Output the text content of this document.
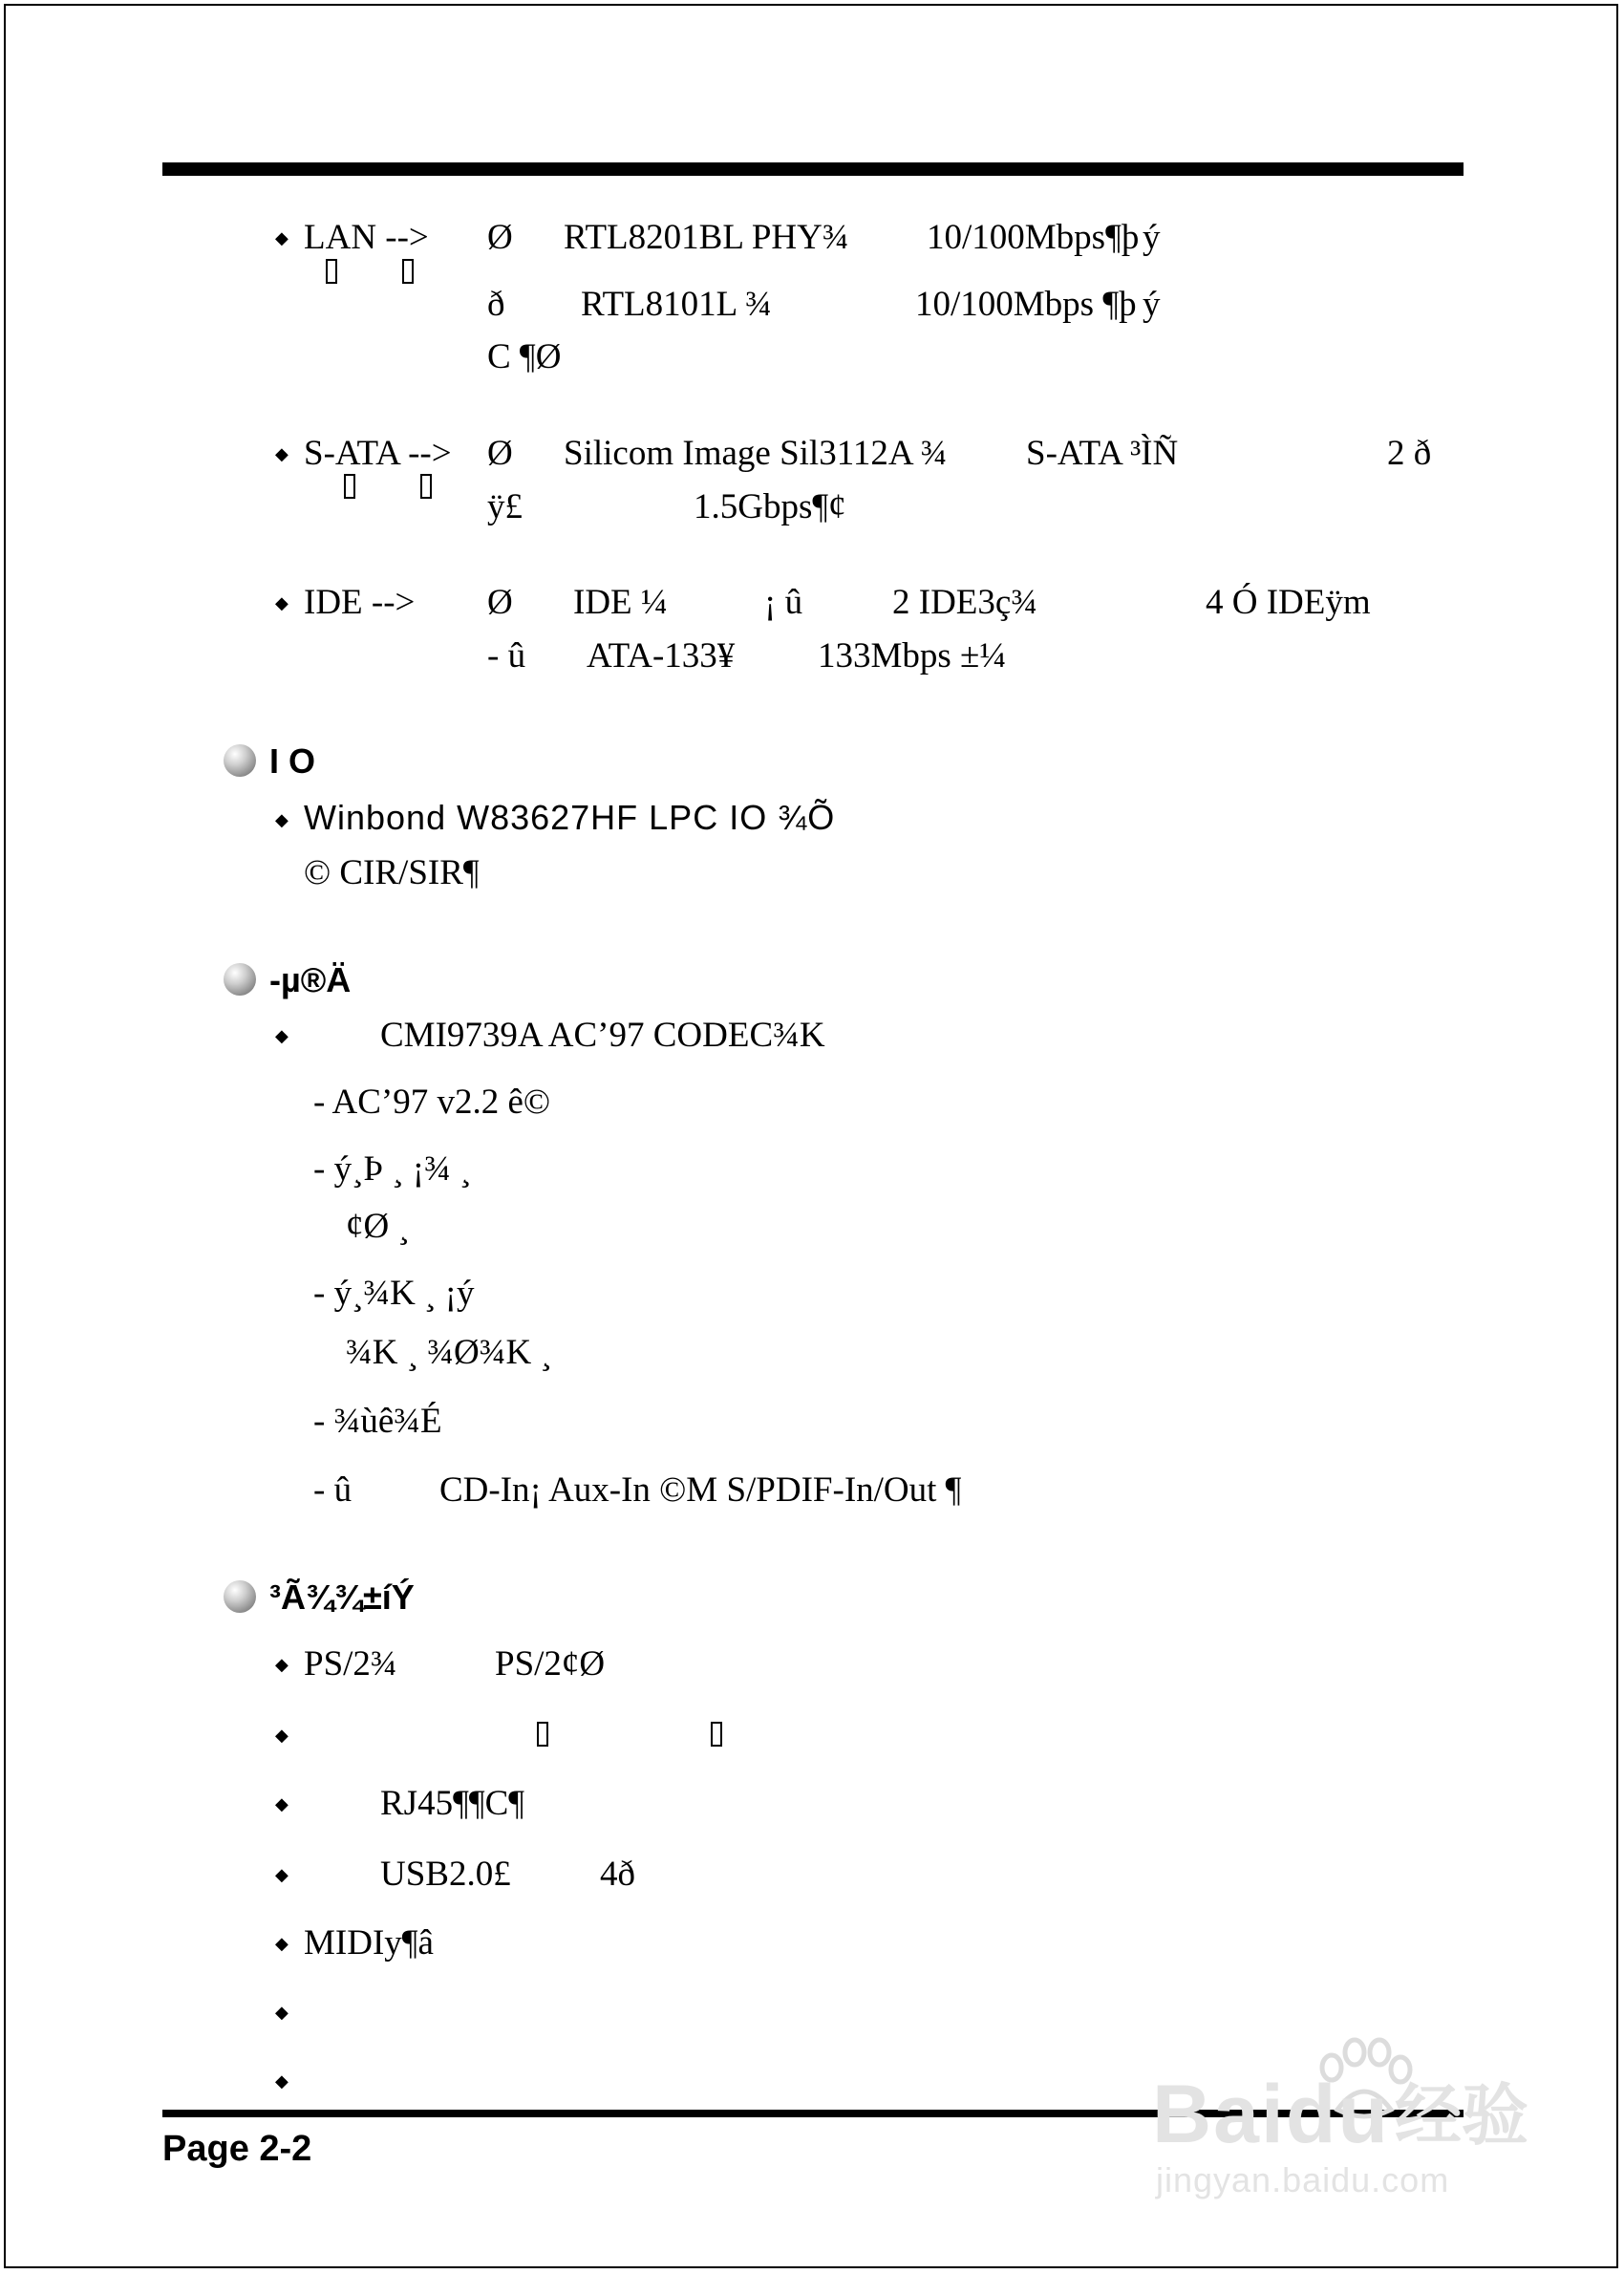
◆ LAN --> Ø RTL8201BL PHY¾ 10/100Mbps¶þ ý
ð RTL8101L ¾	10/100Mbps ¶þ ý
C ¶Ø
◆ S-ATA --> Ø Silicom Image Sil3112A ¾ S-ATA ³ÌÑ	2 ð
ÿ£	1.5Gbps¶¢
◆ IDE --> Ø IDE ¼	¡ û	2 IDE3ç¾	4 Ó IDEÿm
- û ATA-133¥ 133Mbps ±¼
I O
◆ Winbond W83627HF LPC IO ¾Õ
© CIR/SIR¶
-µ®Ä
◆	CMI9739A AC’97 CODEC¾K
- AC’97 v2.2 ê©
- ý¸Þ ¸ ¡¾ ¸
¢Ø ¸
- ý¸¾K ¸ ¡ý
¾K ¸ ¾Ø¾K ¸
- ¾ùê¾É
- û CD-In¡ Aux-In ©M S/PDIF-In/Out ¶
³Ã¾¾±íÝ
◆ PS/2¾	PS/2¢Ø
◆
◆	RJ45¶¶C¶
◆	USB2.0£	4ð
◆ MIDIy¶â
◆
◆
Page 2-2	Baidu 经验
jingyan.baidu.com
